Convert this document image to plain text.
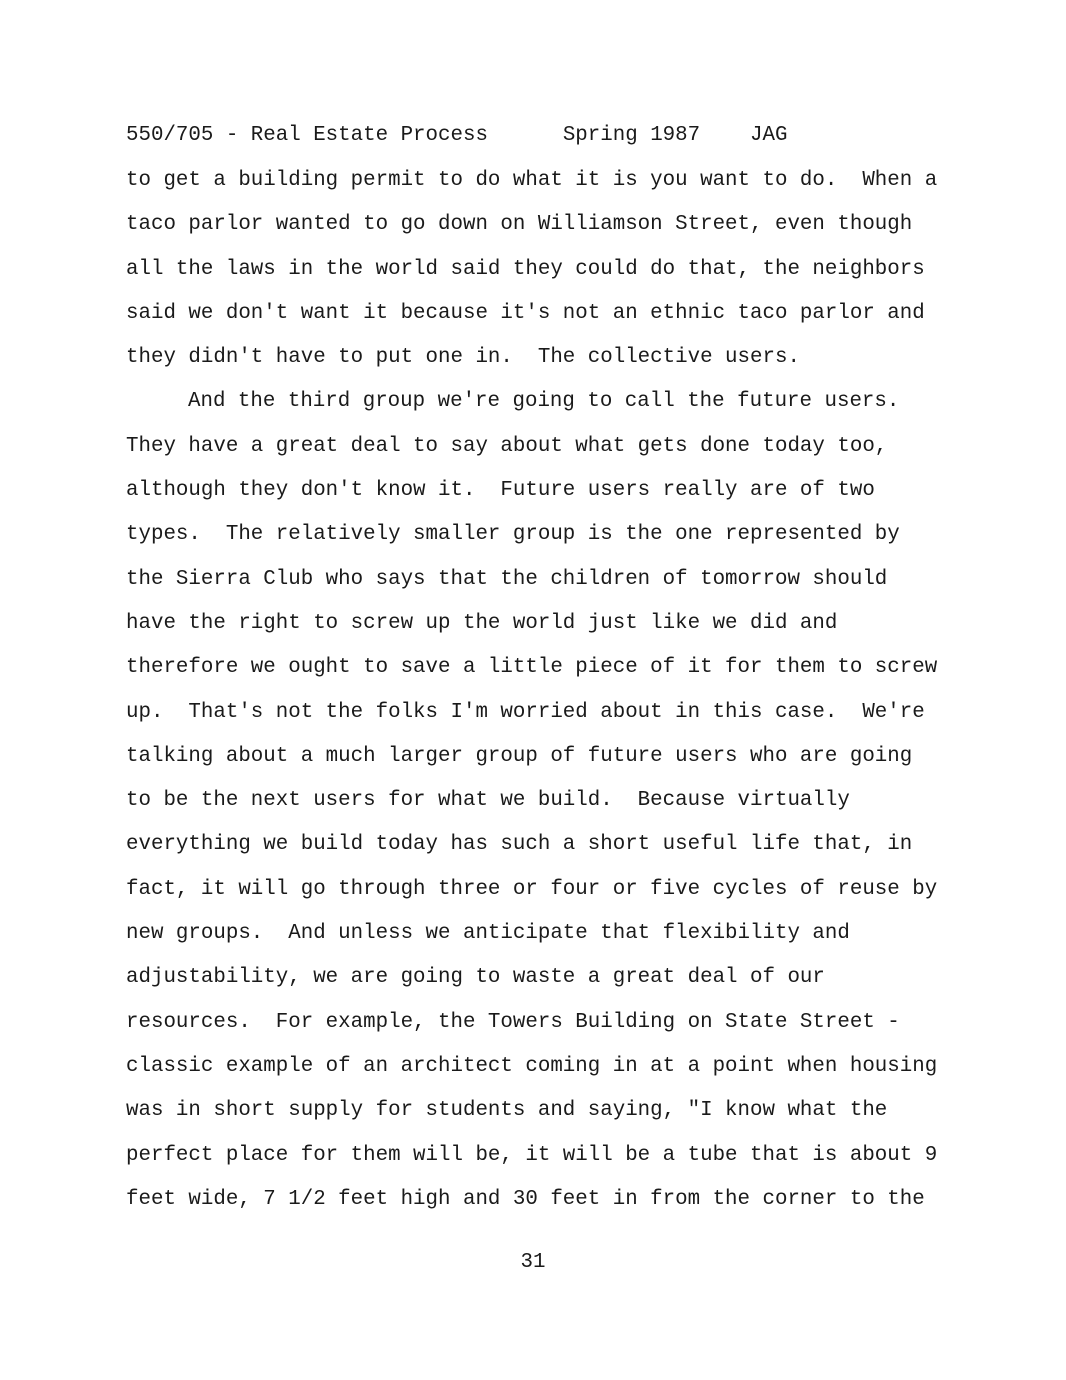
550/705 - Real Estate Process	Spring 1987 JAG
to get a building permit to do what it is you want to do.  When a
taco parlor wanted to go down on Williamson Street, even though
all the laws in the world said they could do that, the neighbors
said we don't want it because it's not an ethnic taco parlor and
they didn't have to put one in.  The collective users.
And the third group we're going to call the future users.
They have a great deal to say about what gets done today too,
although they don't know it.  Future users really are of two
types.  The relatively smaller group is the one represented by
the Sierra Club who says that the children of tomorrow should
have the right to screw up the world just like we did and
therefore we ought to save a little piece of it for them to screw
up.  That's not the folks I'm worried about in this case.  We're
talking about a much larger group of future users who are going
to be the next users for what we build.  Because virtually
everything we build today has such a short useful life that, in
fact, it will go through three or four or five cycles of reuse by
new groups.  And unless we anticipate that flexibility and
adjustability, we are going to waste a great deal of our
resources.  For example, the Towers Building on State Street -
classic example of an architect coming in at a point when housing
was in short supply for students and saying, "I know what the
perfect place for them will be, it will be a tube that is about 9
feet wide, 7 1/2 feet high and 30 feet in from the corner to the
31
